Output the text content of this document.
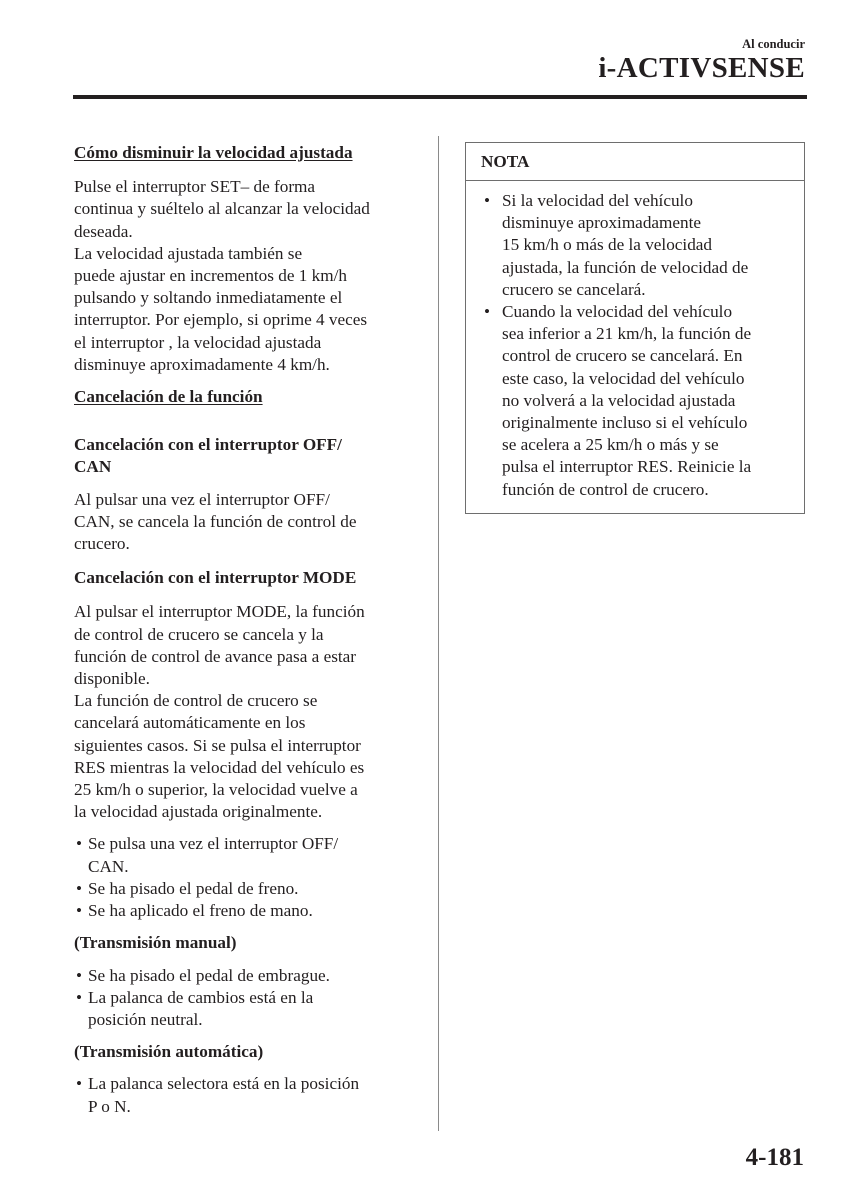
Al conducir
i-ACTIVSENSE
Cómo disminuir la velocidad ajustada
Pulse el interruptor SET– de forma
continua y suéltelo al alcanzar la velocidad
deseada.
La velocidad ajustada también se
puede ajustar en incrementos de 1 km/h
pulsando y soltando inmediatamente el
interruptor. Por ejemplo, si oprime 4 veces
el interruptor , la velocidad ajustada
disminuye aproximadamente 4 km/h.
Cancelación de la función
Cancelación con el interruptor OFF/
CAN
Al pulsar una vez el interruptor OFF/
CAN, se cancela la función de control de
crucero.
Cancelación con el interruptor MODE
Al pulsar el interruptor MODE, la función
de control de crucero se cancela y la
función de control de avance pasa a estar
disponible.
La función de control de crucero se
cancelará automáticamente en los
siguientes casos. Si se pulsa el interruptor
RES mientras la velocidad del vehículo es
25 km/h o superior, la velocidad vuelve a
la velocidad ajustada originalmente.
• Se pulsa una vez el interruptor OFF/
CAN.
• Se ha pisado el pedal de freno.
• Se ha aplicado el freno de mano.
(Transmisión manual)
• Se ha pisado el pedal de embrague.
• La palanca de cambios está en la
posición neutral.
(Transmisión automática)
• La palanca selectora está en la posición
P o N.
NOTA
• Si la velocidad del vehículo
disminuye aproximadamente
15 km/h o más de la velocidad
ajustada, la función de velocidad de
crucero se cancelará.
• Cuando la velocidad del vehículo
sea inferior a 21 km/h, la función de
control de crucero se cancelará. En
este caso, la velocidad del vehículo
no volverá a la velocidad ajustada
originalmente incluso si el vehículo
se acelera a 25 km/h o más y se
pulsa el interruptor RES. Reinicie la
función de control de crucero.
4-181
